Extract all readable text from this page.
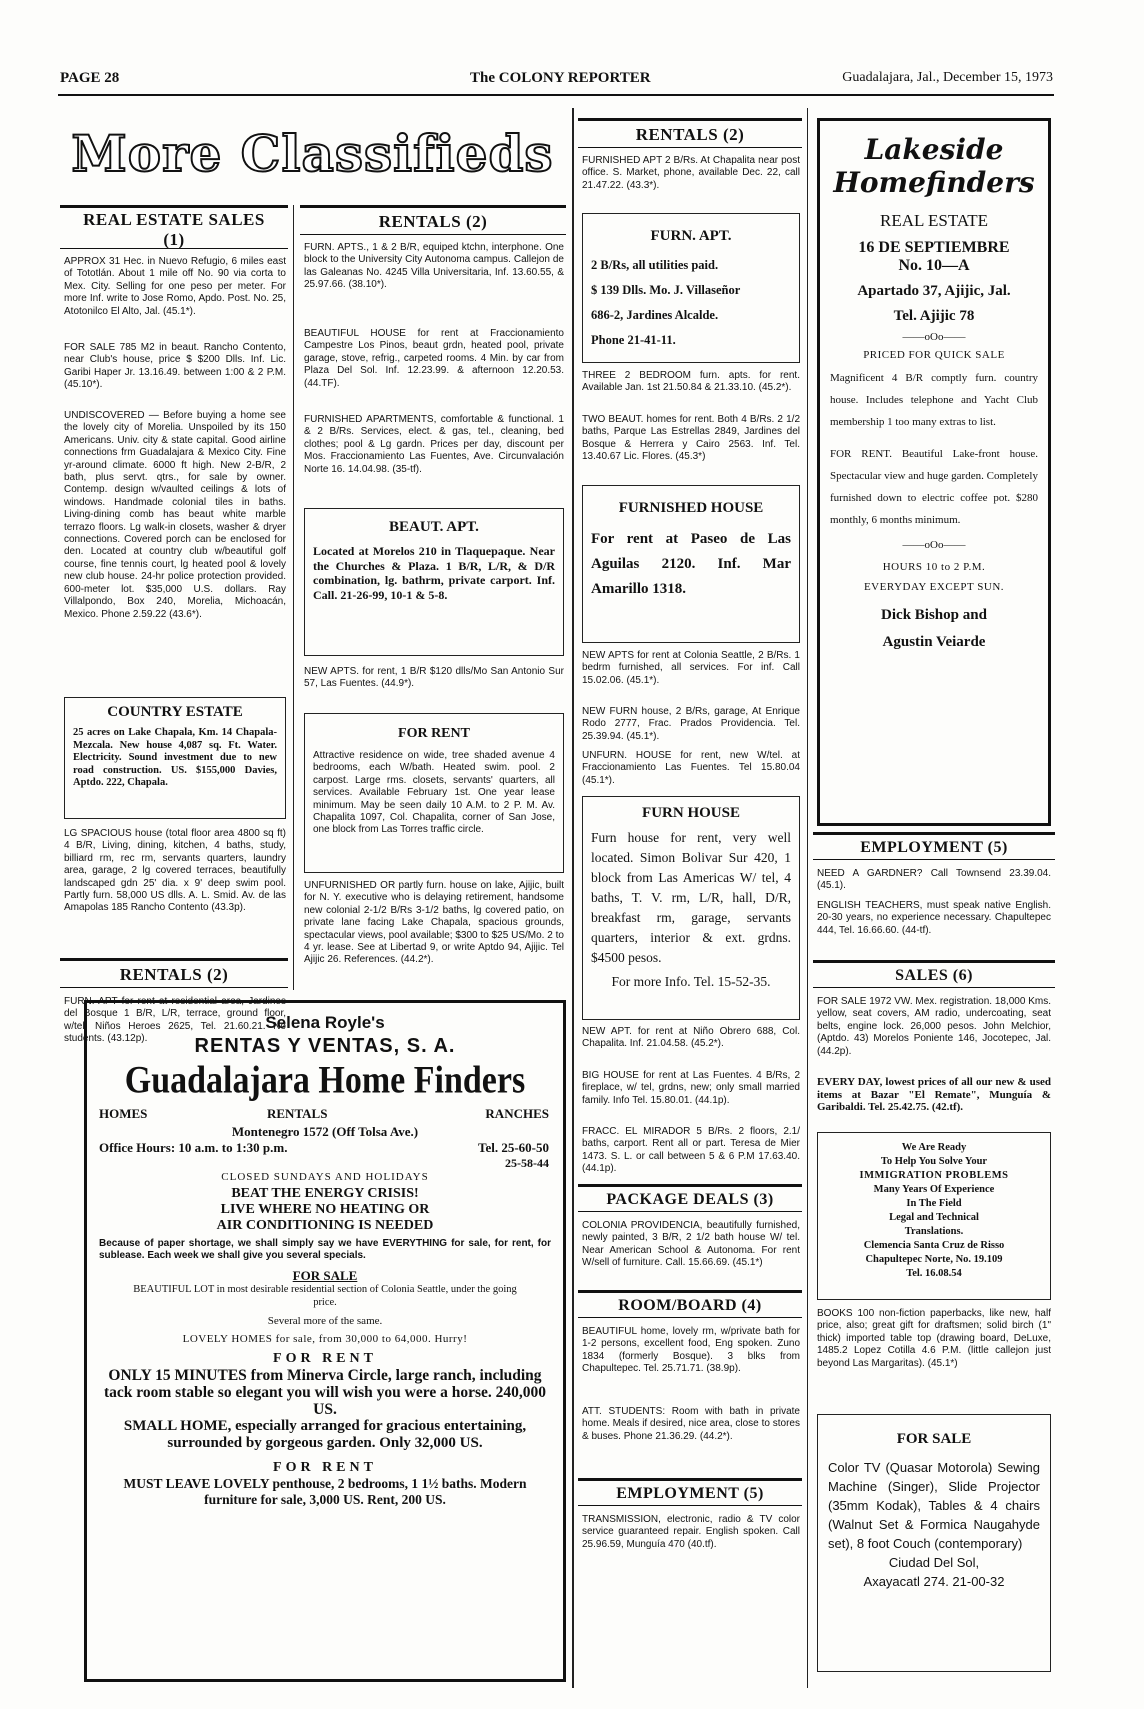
PAGE 28	The COLONY REPORTER	Guadalajara, Jal., December 15, 1973
More Classifieds
REAL ESTATE SALES
(1)
APPROX 31 Hec. in Nuevo Refugio, 6 miles east of Tototlán. About 1 mile off No. 90 via corta to Mex. City. Selling for one peso per meter. For more Inf. write to Jose Romo, Apdo. Post. No. 25, Atotonilco El Alto, Jal. (45.1*).
FOR SALE 785 M2 in beaut. Rancho Contento, near Club's house, price $ $200 Dlls. Inf. Lic. Garibi Haper Jr. 13.16.49. between 1:00 & 2 P.M. (45.10*).
UNDISCOVERED — Before buying a home see the lovely city of Morelia. Unspoiled by its 150 Americans. Univ. city & state capital. Good airline connections frm Guadalajara & Mexico City. Fine yr-around climate. 6000 ft high. New 2-B/R, 2 bath, plus servt. qtrs., for sale by owner. Contemp. design w/vaulted ceilings & lots of windows. Handmade colonial tiles in baths. Living-dining comb has beaut white marble terrazo floors. Lg walk-in closets, washer & dryer connections. Covered porch can be enclosed for den. Located at country club w/beautiful golf course, fine tennis court, lg heated pool & lovely new club house. 24-hr police protection provided. 600-meter lot. $35,000 U.S. dollars. Ray Villalpondo, Box 240, Morelia, Michoacán, Mexico. Phone 2.59.22 (43.6*).
COUNTRY ESTATE
25 acres on Lake Chapala, Km. 14 Chapala-Mezcala. New house 4,087 sq. Ft. Water. Electricity. Sound investment due to new road construction. US. $155,000 Davies, Aptdo. 222, Chapala.
LG SPACIOUS house (total floor area 4800 sq ft) 4 B/R, Living, dining, kitchen, 4 baths, study, billiard rm, rec rm, servants quarters, laundry area, garage, 2 lg covered terraces, beautifully landscaped gdn 25' dia. x 9' deep swim pool. Partly furn. 58,000 US dlls. A. L. Smid. Av. de las Amapolas 185 Rancho Contento (43.3p).
RENTALS (2)
FURN. APT for rent at residential area, Jardines del Bosque 1 B/R, L/R, terrace, ground floor, w/tel. Niños Heroes 2625, Tel. 21.60.21. No students. (43.12p).
RENTALS (2)
FURN. APTS., 1 & 2 B/R, equiped ktchn, interphone. One block to the University City Autonoma campus. Callejon de las Galeanas No. 4245 Villa Universitaria, Inf. 13.60.55, & 25.97.66. (38.10*).
BEAUTIFUL HOUSE for rent at Fraccionamiento Campestre Los Pinos, beaut grdn, heated pool, private garage, stove, refrig., carpeted rooms. 4 Min. by car from Plaza Del Sol. Inf. 12.23.99. & afternoon 12.20.53. (44.TF).
FURNISHED APARTMENTS, comfortable & functional. 1 & 2 B/Rs. Services, elect. & gas, tel., cleaning, bed clothes; pool & Lg gardn. Prices per day, discount per Mos. Fraccionamiento Las Fuentes, Ave. Circunvalación Norte 16. 14.04.98. (35-tf).
BEAUT. APT.
Located at Morelos 210 in Tlaquepaque. Near the Churches & Plaza. 1 B/R, L/R, & D/R combination, lg. bathrm, private carport. Inf. Call. 21-26-99, 10-1 & 5-8.
NEW APTS. for rent, 1 B/R $120 dlls/Mo San Antonio Sur 57, Las Fuentes. (44.9*).
FOR RENT
Attractive residence on wide, tree shaded avenue 4 bedrooms, each W/bath. Heated swim. pool. 2 carpost. Large rms. closets, servants' quarters, all services. Available February 1st. One year lease minimum. May be seen daily 10 A.M. to 2 P. M. Av. Chapalita 1097, Col. Chapalita, corner of San Jose, one block from Las Torres traffic circle.
UNFURNISHED OR partly furn. house on lake, Ajijic, built for N. Y. executive who is delaying retirement, handsome new colonial 2-1/2 B/Rs 3-1/2 baths, lg covered patio, on private lane facing Lake Chapala, spacious grounds, spectacular views, pool available; $300 to $25 US/Mo. 2 to 4 yr. lease. See at Libertad 9, or write Aptdo 94, Ajijic. Tel Ajijic 26. References. (44.2*).
Selena Royle's
RENTAS Y VENTAS, S. A.
Guadalajara Home Finders
HOMES	RENTALS	RANCHES
Montenegro 1572 (Off Tolsa Ave.)
Office Hours: 10 a.m. to 1:30 p.m.	Tel. 25-60-50
25-58-44
CLOSED SUNDAYS AND HOLIDAYS
BEAT THE ENERGY CRISIS!
LIVE WHERE NO HEATING OR
AIR CONDITIONING IS NEEDED
Because of paper shortage, we shall simply say we have EVERYTHING for sale, for rent, for sublease. Each week we shall give you several specials.
FOR SALE
BEAUTIFUL LOT in most desirable residential section of Colonia Seattle, under the going price.
Several more of the same.
LOVELY HOMES for sale, from 30,000 to 64,000. Hurry!
FOR RENT
ONLY 15 MINUTES from Minerva Circle, large ranch, including tack room stable so elegant you will wish you were a horse. 240,000 US.
SMALL HOME, especially arranged for gracious entertaining, surrounded by gorgeous garden. Only 32,000 US.
FOR RENT
MUST LEAVE LOVELY penthouse, 2 bedrooms, 1 1½ baths. Modern furniture for sale, 3,000 US. Rent, 200 US.
RENTALS (2)
FURNISHED APT 2 B/Rs. At Chapalita near post office. S. Market, phone, available Dec. 22, call 21.47.22. (43.3*).
FURN. APT.
2 B/Rs, all utilities paid.
$ 139 Dlls. Mo. J. Villaseñor
686-2, Jardines Alcalde.
Phone 21-41-11.
THREE 2 BEDROOM furn. apts. for rent. Available Jan. 1st 21.50.84 & 21.33.10. (45.2*).
TWO BEAUT. homes for rent. Both 4 B/Rs. 2 1/2 baths, Parque Las Estrellas 2849, Jardines del Bosque & Herrera y Cairo 2563. Inf. Tel. 13.40.67 Lic. Flores. (45.3*)
FURNISHED HOUSE
For rent at Paseo de Las Aguilas 2120. Inf. Mar Amarillo 1318.
NEW APTS for rent at Colonia Seattle, 2 B/Rs. 1 bedrm furnished, all services. For inf. Call 15.02.06. (45.1*).
NEW FURN house, 2 B/Rs, garage, At Enrique Rodo 2777, Frac. Prados Providencia. Tel. 25.39.94. (45.1*).
UNFURN. HOUSE for rent, new W/tel. at Fraccionamiento Las Fuentes. Tel 15.80.04 (45.1*).
FURN HOUSE
Furn house for rent, very well located. Simon Bolivar Sur 420, 1 block from Las Americas W/ tel, 4 baths, T. V. rm, L/R, hall, D/R, breakfast rm, garage, servants quarters, interior & ext. grdns. $4500 pesos.
For more Info. Tel. 15-52-35.
NEW APT. for rent at Niño Obrero 688, Col. Chapalita. Inf. 21.04.58. (45.2*).
BIG HOUSE for rent at Las Fuentes. 4 B/Rs, 2 fireplace, w/ tel, grdns, new; only small married family. Info Tel. 15.80.01. (44.1p).
FRACC. EL MIRADOR 5 B/Rs. 2 floors, 2.1/ baths, carport. Rent all or part. Teresa de Mier 1473. S. L. or call between 5 & 6 P.M 17.63.40. (44.1p).
PACKAGE DEALS (3)
COLONIA PROVIDENCIA, beautifully furnished, newly painted, 3 B/R, 2 1/2 bath house W/ tel. Near American School & Autonoma. For rent W/sell of furniture. Call. 15.66.69. (45.1*)
ROOM/BOARD (4)
BEAUTIFUL home, lovely rm, w/private bath for 1-2 persons, excellent food, Eng spoken. Zuno 1834 (formerly Bosque). 3 blks from Chapultepec. Tel. 25.71.71. (38.9p).
ATT. STUDENTS: Room with bath in private home. Meals if desired, nice area, close to stores & buses. Phone 21.36.29. (44.2*).
EMPLOYMENT (5)
TRANSMISSION, electronic, radio & TV color service guaranteed repair. English spoken. Call 25.96.59, Munguía 470 (40.tf).
Lakeside
Homefinders
REAL ESTATE
16 DE SEPTIEMBRE
No. 10—A
Apartado 37, Ajijic, Jal.
Tel. Ajijic 78
——oOo——
PRICED FOR QUICK SALE
Magnificent 4 B/R comptly furn. country house. Includes telephone and Yacht Club membership 1 too many extras to list.
FOR RENT. Beautiful Lake-front house. Spectacular view and huge garden. Completely furnished down to electric coffee pot. $280 monthly, 6 months minimum.
——oOo——
HOURS 10 to 2 P.M.
EVERYDAY EXCEPT SUN.
Dick Bishop and
Agustin Veiarde
EMPLOYMENT (5)
NEED A GARDNER? Call Townsend 23.39.04. (45.1).
ENGLISH TEACHERS, must speak native English. 20-30 years, no experience necessary. Chapultepec 444, Tel. 16.66.60. (44-tf).
SALES (6)
FOR SALE 1972 VW. Mex. registration. 18,000 Kms. yellow, seat covers, AM radio, undercoating, seat belts, engine lock. 26,000 pesos. John Melchior, (Aptdo. 43) Morelos Poniente 146, Jocotepec, Jal. (44.2p).
EVERY DAY, lowest prices of all our new & used items at Bazar "El Remate", Munguía & Garibaldi. Tel. 25.42.75. (42.tf).
We Are Ready
To Help You Solve Your
IMMIGRATION PROBLEMS
Many Years Of Experience
In The Field
Legal and Technical
Translations.
Clemencia Santa Cruz de Risso
Chapultepec Norte, No. 19.109
Tel. 16.08.54
BOOKS 100 non-fiction paperbacks, like new, half price, also; great gift for draftsmen; solid birch (1" thick) imported table top (drawing board, DeLuxe, 1485.2 Lopez Cotilla 4.6 P.M. (little callejon just beyond Las Margaritas). (45.1*)
FOR SALE
Color TV (Quasar Motorola) Sewing Machine (Singer), Slide Projector (35mm Kodak), Tables & 4 chairs (Walnut Set & Formica Naugahyde set), 8 foot Couch (contemporary)
Ciudad Del Sol,
Axayacatl 274. 21-00-32
